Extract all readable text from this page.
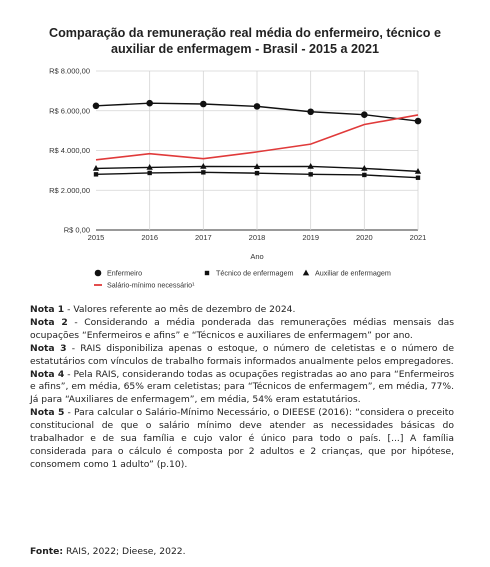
Comparação da remuneração real média do enfermeiro, técnico e
auxiliar de enfermagem - Brasil - 2015 a 2021
R$ 0,00
R$ 2.000,00
R$ 4.000,00
R$ 6.000,00
R$ 8.000,00
2015	2016	2017	2018	2019	2020	2021
Ano
Enfermeiro	Técnico de enfermagem	Auxiliar de enfermagem
Salário-mínimo necessário¹

Nota 1 - Valores referente ao mês de dezembro de 2024.

Nota 2 - Considerando a média ponderada das remunerações médias mensais das ocupações “Enfermeiros e afins” e “Técnicos e auxiliares de enfermagem” por ano.

Nota 3 - RAIS disponibiliza apenas o estoque, o número de celetistas e o número de estatutários com vínculos de trabalho formais informados anualmente pelos empregadores.

Nota 4 - Pela RAIS, considerando todas as ocupações registradas ao ano para “Enfermeiros e afins”, em média, 65% eram celetistas; para “Técnicos de enfermagem”, em média, 77%. Já para “Auxiliares de enfermagem”, em média, 54% eram estatutários.

Nota 5 - Para calcular o Salário-Mínimo Necessário, o DIEESE (2016): “considera o preceito constitucional de que o salário mínimo deve atender as necessidades básicas do trabalhador e de sua família e cujo valor é único para todo o país. [...] A família considerada para o cálculo é composta por 2 adultos e 2 crianças, que por hipótese, consomem como 1 adulto” (p.10).

Fonte: RAIS, 2022; Dieese, 2022.
